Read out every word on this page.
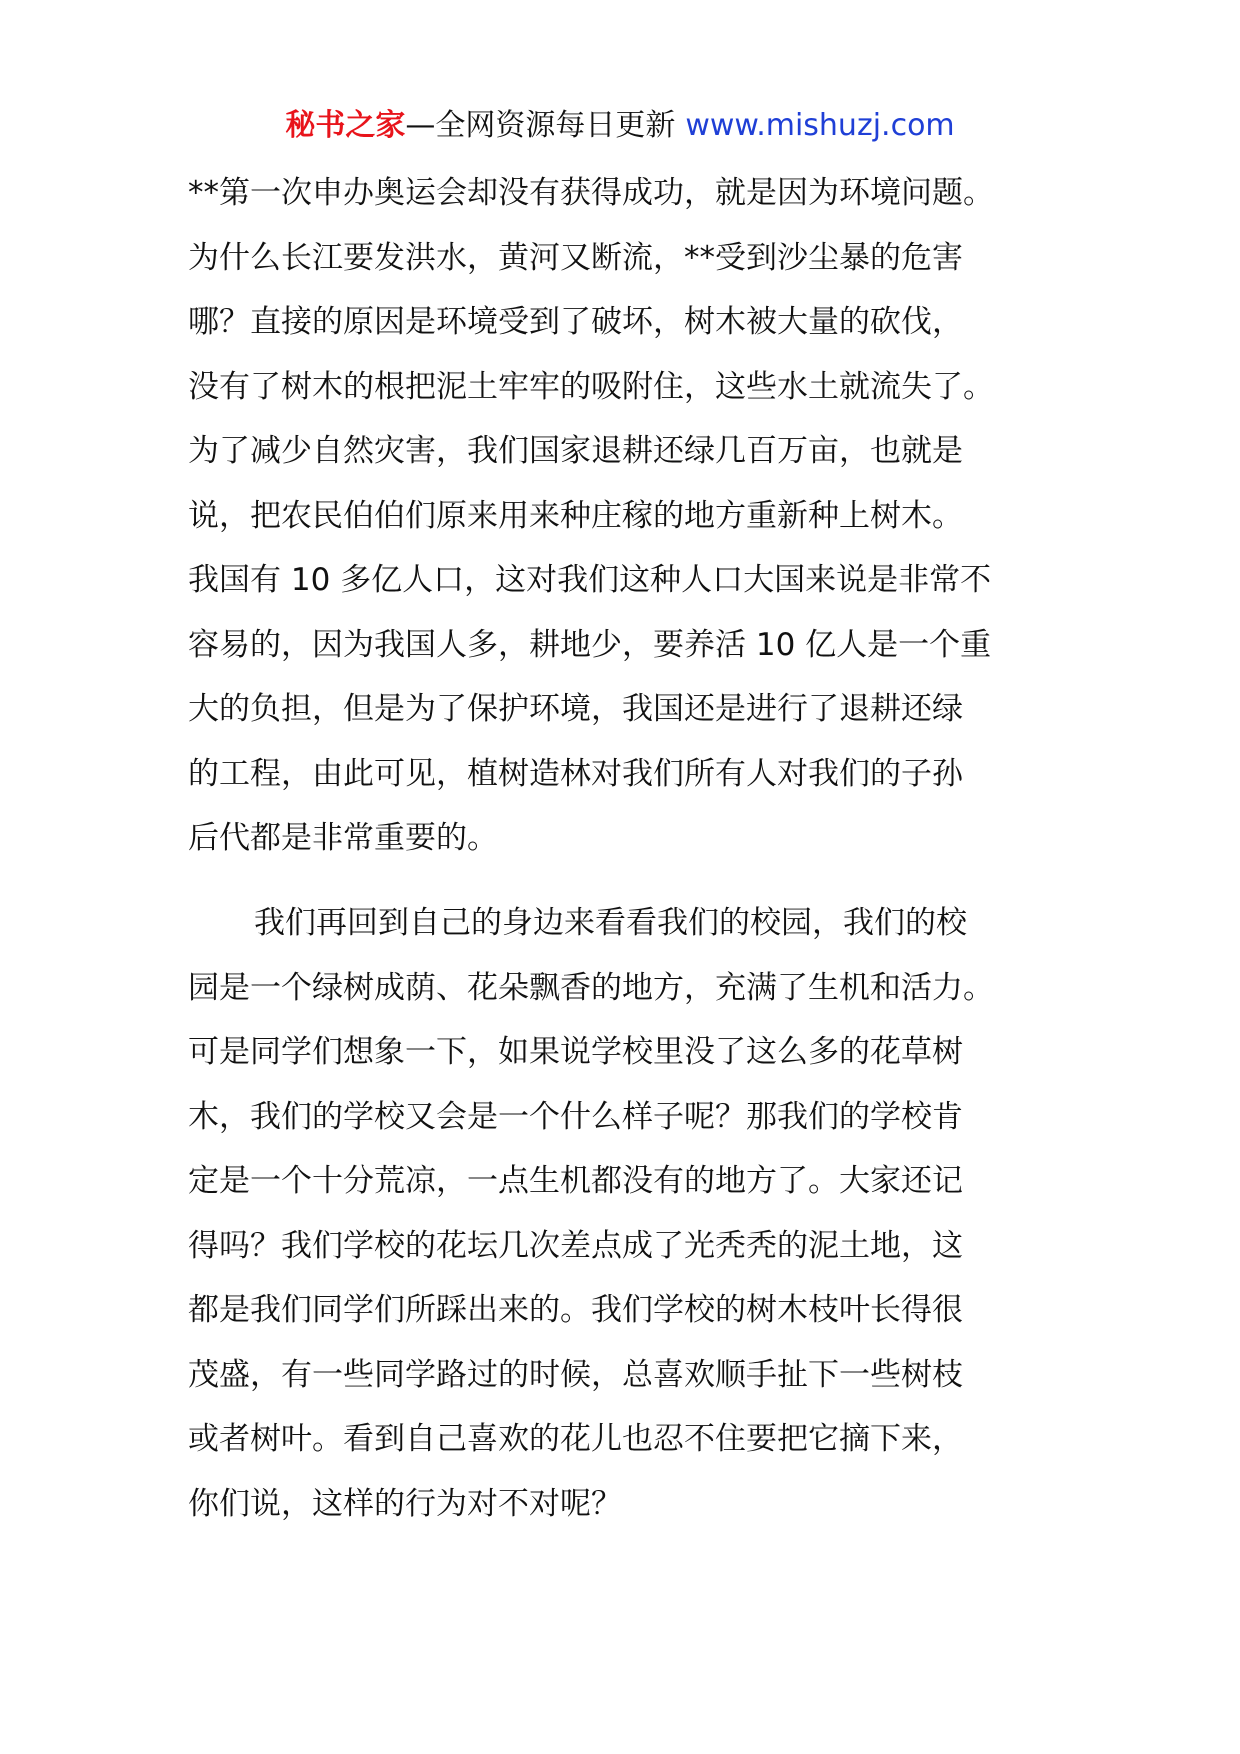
秘书之家—全网资源每日更新 www.mishuzj.com
**第一次申办奥运会却没有获得成功，就是因为环境问题。
为什么长江要发洪水，黄河又断流，**受到沙尘暴的危害
哪？直接的原因是环境受到了破坏，树木被大量的砍伐，
没有了树木的根把泥土牢牢的吸附住，这些水土就流失了。
为了减少自然灾害，我们国家退耕还绿几百万亩，也就是
说，把农民伯伯们原来用来种庄稼的地方重新种上树木。
我国有 10 多亿人口，这对我们这种人口大国来说是非常不
容易的，因为我国人多，耕地少，要养活 10 亿人是一个重
大的负担，但是为了保护环境，我国还是进行了退耕还绿
的工程，由此可见，植树造林对我们所有人对我们的子孙
后代都是非常重要的。
我们再回到自己的身边来看看我们的校园，我们的校
园是一个绿树成荫、花朵飘香的地方，充满了生机和活力。
可是同学们想象一下，如果说学校里没了这么多的花草树
木，我们的学校又会是一个什么样子呢？那我们的学校肯
定是一个十分荒凉，一点生机都没有的地方了。大家还记
得吗？我们学校的花坛几次差点成了光秃秃的泥土地，这
都是我们同学们所踩出来的。我们学校的树木枝叶长得很
茂盛，有一些同学路过的时候，总喜欢顺手扯下一些树枝
或者树叶。看到自己喜欢的花儿也忍不住要把它摘下来，
你们说，这样的行为对不对呢？
